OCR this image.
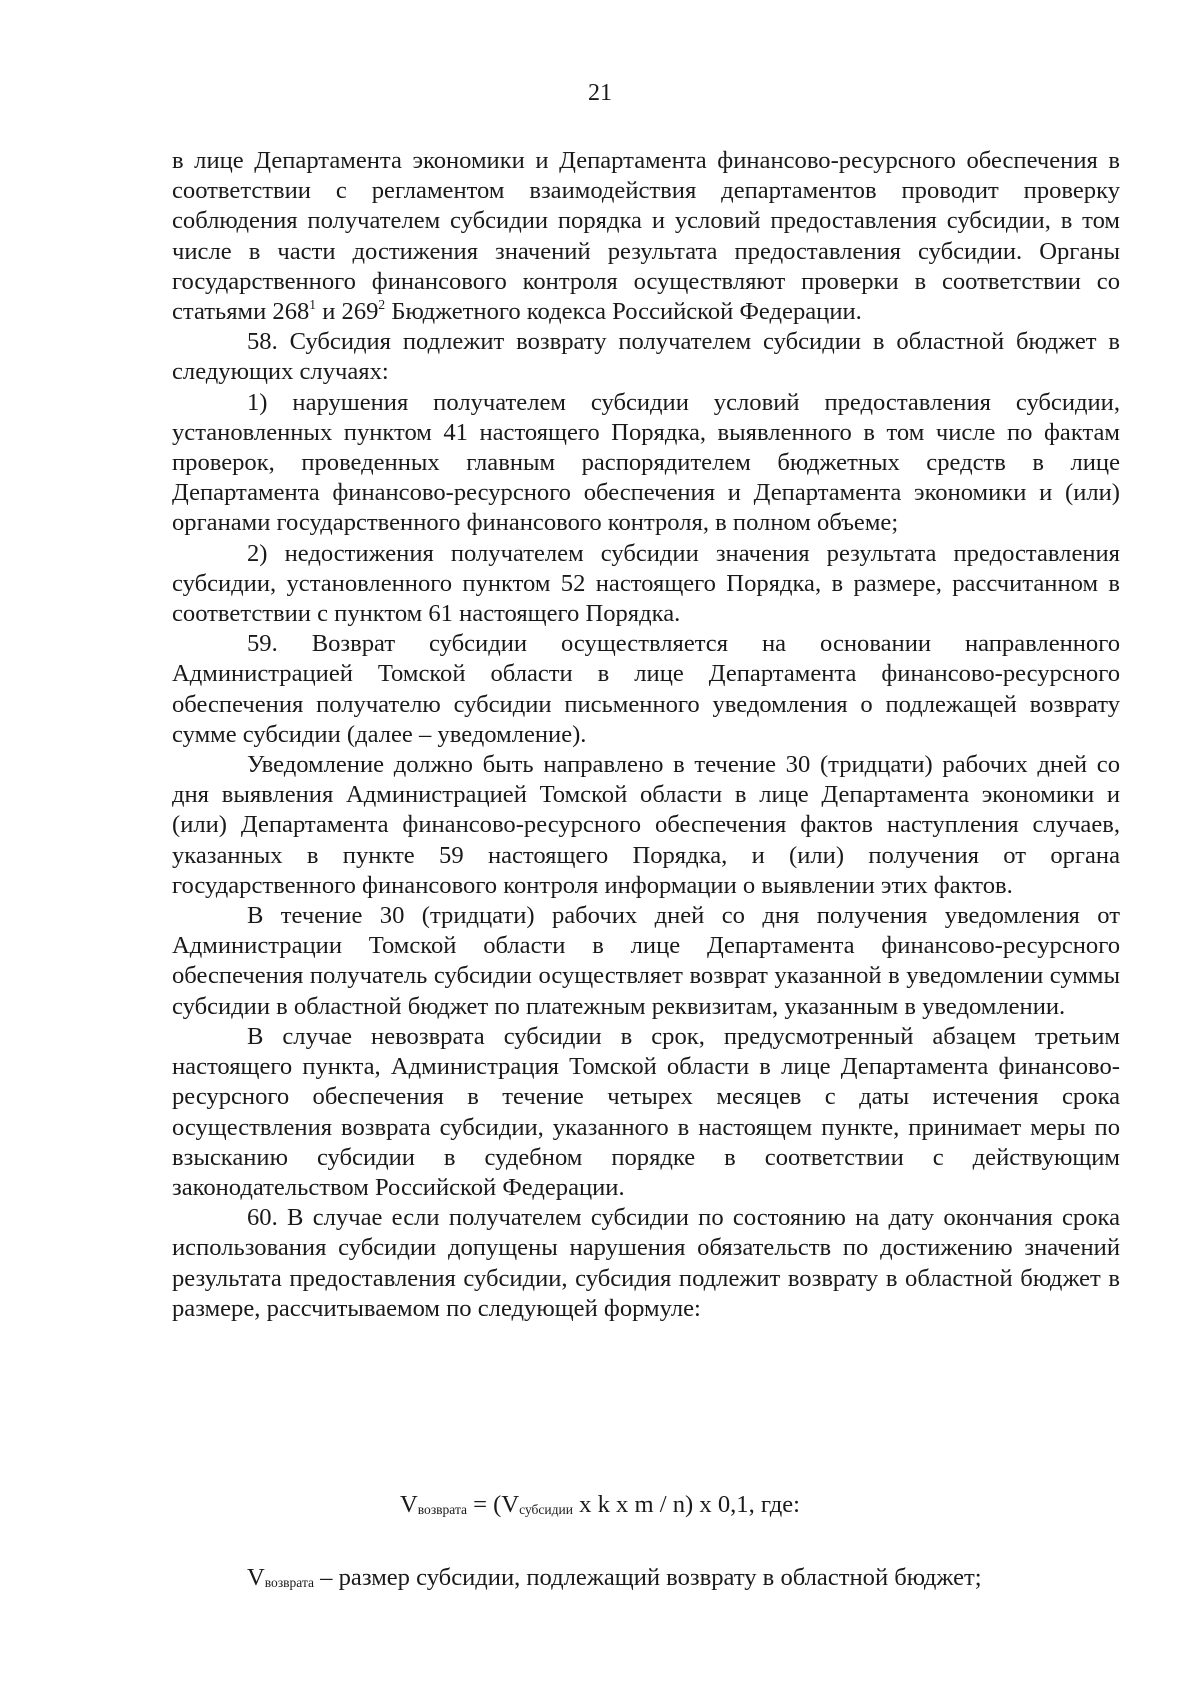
21

в лице Департамента экономики и Департамента финансово-ресурсного обеспечения в соответствии с регламентом взаимодействия департаментов проводит проверку соблюдения получателем субсидии порядка и условий предоставления субсидии, в том числе в части достижения значений результата предоставления субсидии. Органы государственного финансового контроля осуществляют проверки в соответствии со статьями $268^1$ и $269^2$ Бюджетного кодекса Российской Федерации.

58. Субсидия подлежит возврату получателем субсидии в областной бюджет в следующих случаях:

1) нарушения получателем субсидии условий предоставления субсидии, установленных пунктом 41 настоящего Порядка, выявленного в том числе по фактам проверок, проведенных главным распорядителем бюджетных средств в лице Департамента финансово-ресурсного обеспечения и Департамента экономики и (или) органами государственного финансового контроля, в полном объеме;

2) недостижения получателем субсидии значения результата предоставления субсидии, установленного пунктом 52 настоящего Порядка, в размере, рассчитанном в соответствии с пунктом 61 настоящего Порядка.

59. Возврат субсидии осуществляется на основании направленного Администрацией Томской области в лице Департамента финансово-ресурсного обеспечения получателю субсидии письменного уведомления о подлежащей возврату сумме субсидии (далее – уведомление).

Уведомление должно быть направлено в течение 30 (тридцати) рабочих дней со дня выявления Администрацией Томской области в лице Департамента экономики и (или) Департамента финансово-ресурсного обеспечения фактов наступления случаев, указанных в пункте 59 настоящего Порядка, и (или) получения от органа государственного финансового контроля информации о выявлении этих фактов.

В течение 30 (тридцати) рабочих дней со дня получения уведомления от Администрации Томской области в лице Департамента финансово-ресурсного обеспечения получатель субсидии осуществляет возврат указанной в уведомлении суммы субсидии в областной бюджет по платежным реквизитам, указанным в уведомлении.

В случае невозврата субсидии в срок, предусмотренный абзацем третьим настоящего пункта, Администрация Томской области в лице Департамента финансово-ресурсного обеспечения в течение четырех месяцев с даты истечения срока осуществления возврата субсидии, указанного в настоящем пункте, принимает меры по взысканию субсидии в судебном порядке в соответствии с действующим законодательством Российской Федерации.

60. В случае если получателем субсидии по состоянию на дату окончания срока использования субсидии допущены нарушения обязательств по достижению значений результата предоставления субсидии, субсидия подлежит возврату в областной бюджет в размере, рассчитываемом по следующей формуле:

$V_{возврата} = (V_{субсидии}$ x k x m / n) x 0,1, где:
$V_{возврата}$ – размер субсидии, подлежащий возврату в областной бюджет;
